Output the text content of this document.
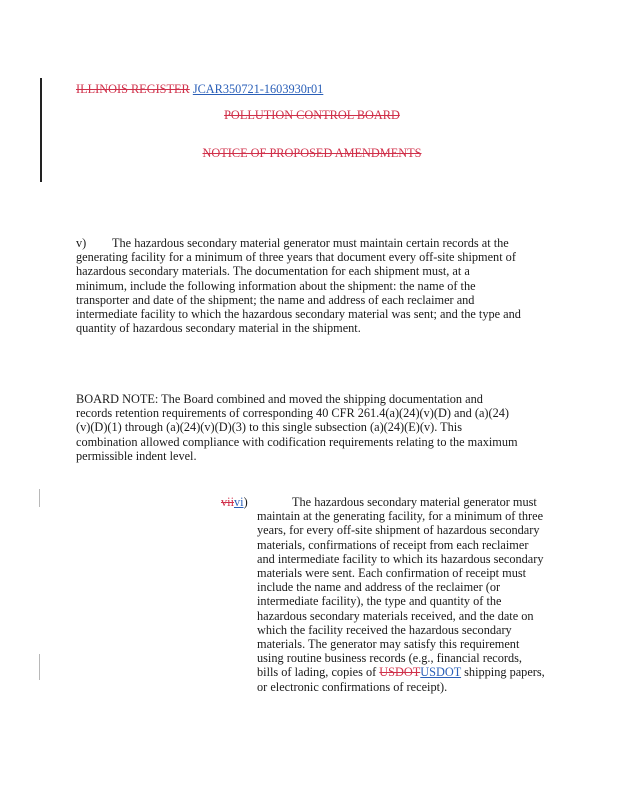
ILLINOIS REGISTER JCAR350721-1603930r01
POLLUTION CONTROL BOARD
NOTICE OF PROPOSED AMENDMENTS
v) The hazardous secondary material generator must maintain certain records at the generating facility for a minimum of three years that document every off-site shipment of hazardous secondary materials. The documentation for each shipment must, at a minimum, include the following information about the shipment: the name of the transporter and date of the shipment; the name and address of each reclaimer and intermediate facility to which the hazardous secondary material was sent; and the type and quantity of hazardous secondary material in the shipment.
BOARD NOTE: The Board combined and moved the shipping documentation and records retention requirements of corresponding 40 CFR 261.4(a)(24)(v)(D) and (a)(24)(v)(D)(1) through (a)(24)(v)(D)(3) to this single subsection (a)(24)(E)(v). This combination allowed compliance with codification requirements relating to the maximum permissible indent level.
viivi)	The hazardous secondary material generator must maintain at the generating facility, for a minimum of three years, for every off-site shipment of hazardous secondary materials, confirmations of receipt from each reclaimer and intermediate facility to which its hazardous secondary materials were sent. Each confirmation of receipt must include the name and address of the reclaimer (or intermediate facility), the type and quantity of the hazardous secondary materials received, and the date on which the facility received the hazardous secondary materials. The generator may satisfy this requirement using routine business records (e.g., financial records, bills of lading, copies of USDOTUSDOT shipping papers, or electronic confirmations of receipt).
